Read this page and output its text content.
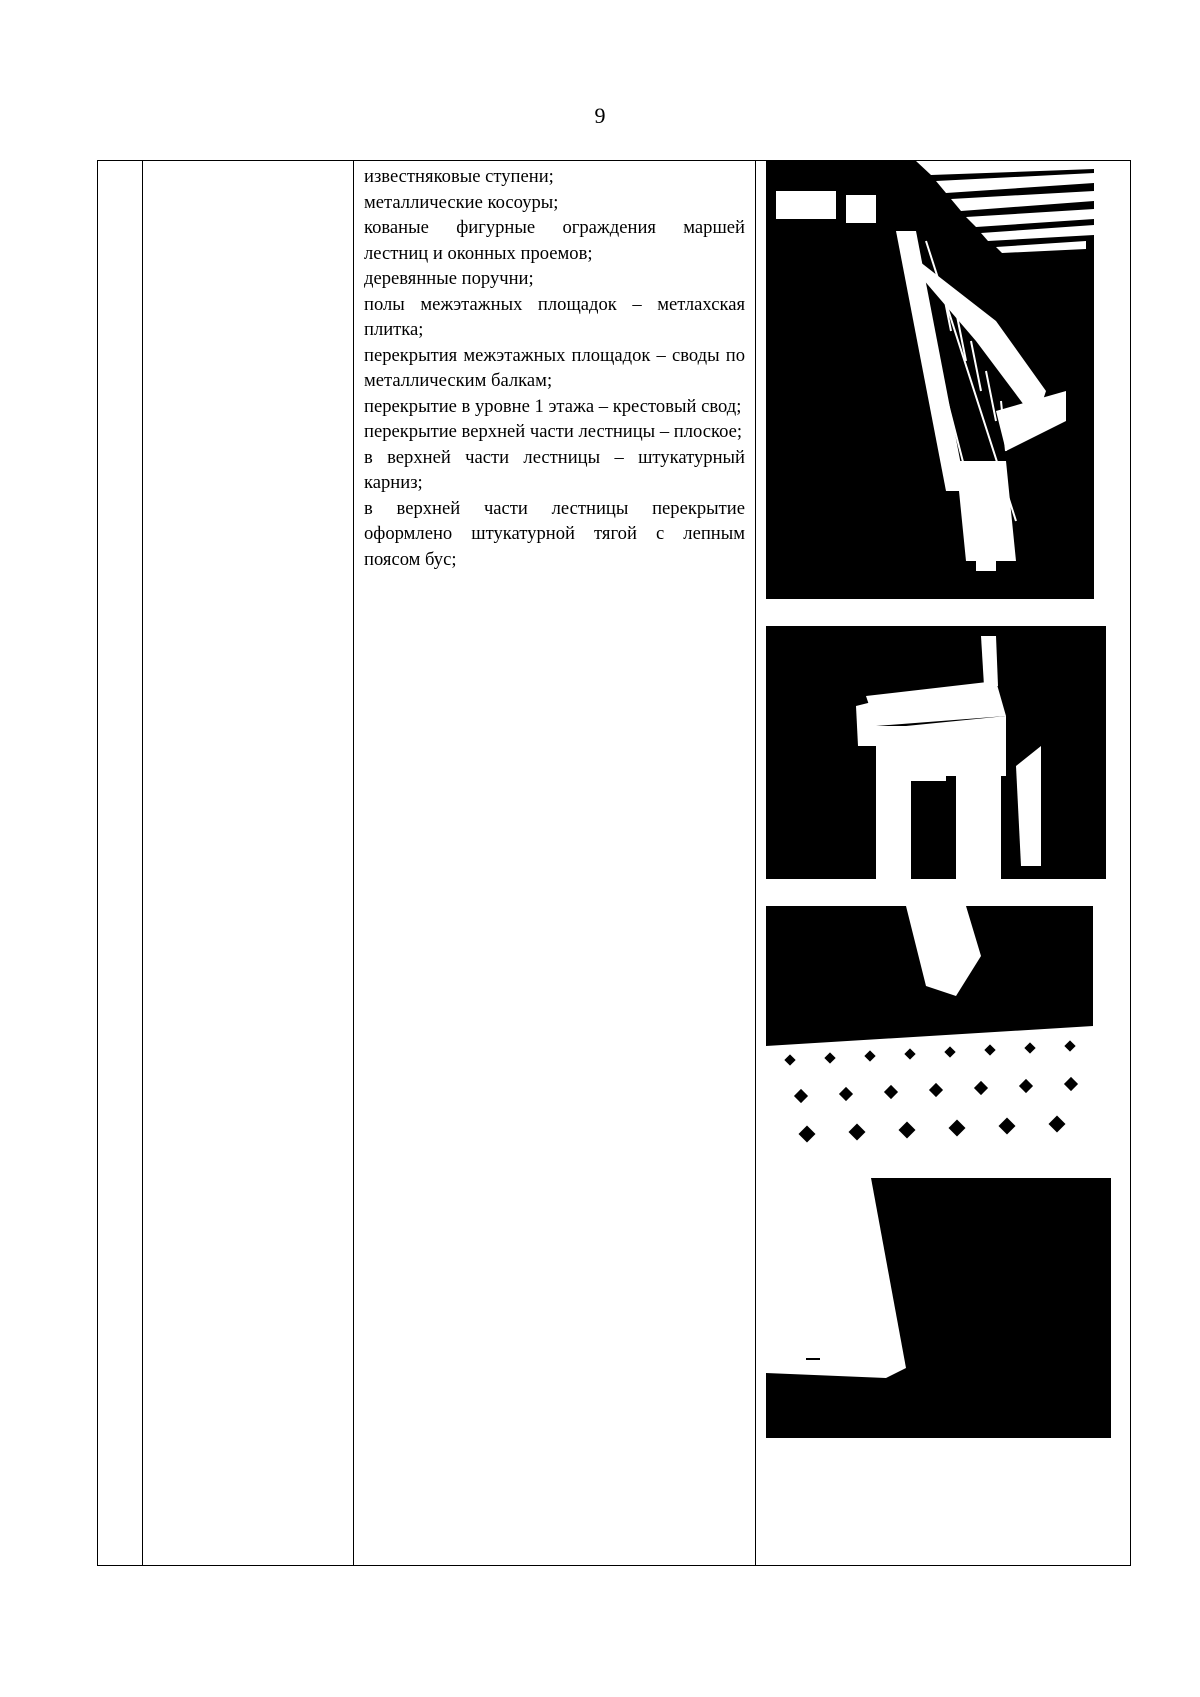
9

известняковые ступени;

металлические косоуры;

кованые фигурные ограждения маршей лестниц и оконных проемов;

деревянные поручни;

полы межэтажных площадок – метлахская плитка;

перекрытия межэтажных площадок – своды по металлическим балкам;

перекрытие в уровне 1 этажа – крестовый свод;

перекрытие верхней части лестницы – плоское;

в верхней части лестницы – штукатурный карниз;

в верхней части лестницы перекрытие оформлено штукатурной тягой с лепным поясом бус;
